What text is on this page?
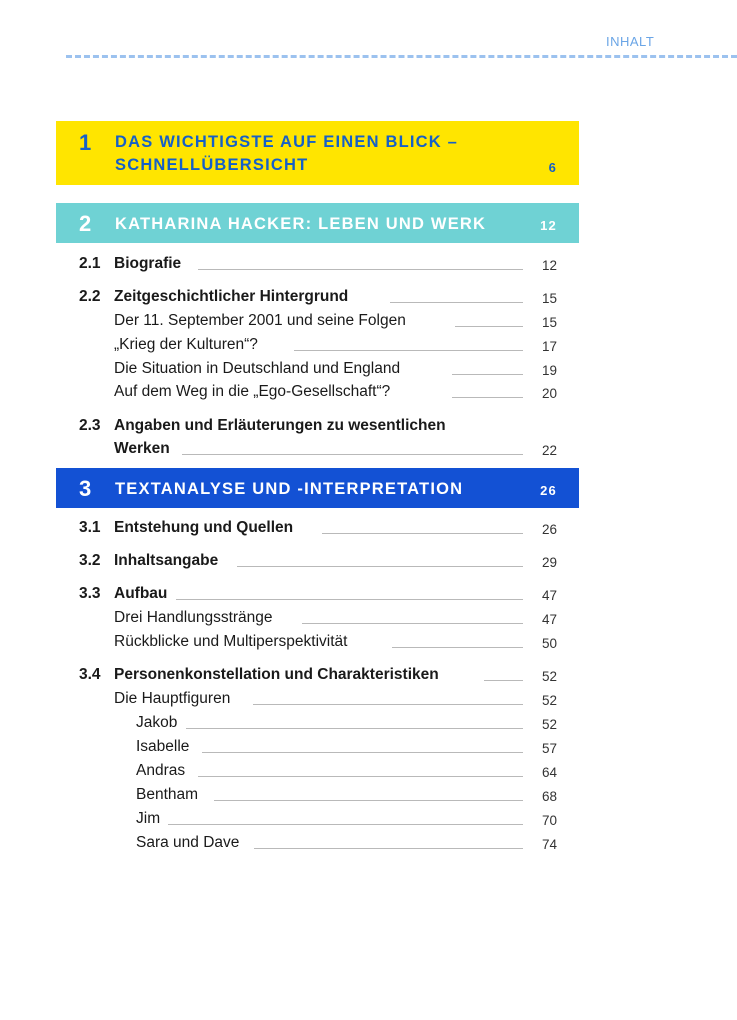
INHALT
1 DAS WICHTIGSTE AUF EINEN BLICK –
SCHNELLÜBERSICHT	6
2 KATHARINA HACKER: LEBEN UND WERK	12
2.1 Biografie	12
2.2 Zeitgeschichtlicher Hintergrund	15
Der 11. September 2001 und seine Folgen	15
„Krieg der Kulturen“?	17
Die Situation in Deutschland und England	19
Auf dem Weg in die „Ego-Gesellschaft“?	20
2.3 Angaben und Erläuterungen zu wesentlichen
Werken	22
3 TEXTANALYSE UND -INTERPRETATION	26
3.1 Entstehung und Quellen	26
3.2 Inhaltsangabe	29
3.3 Aufbau	47
Drei Handlungsstränge	47
Rückblicke und Multiperspektivität	50
3.4 Personenkonstellation und Charakteristiken	52
Die Hauptfiguren	52
Jakob	52
Isabelle	57
Andras	64
Bentham	68
Jim	70
Sara und Dave	74
